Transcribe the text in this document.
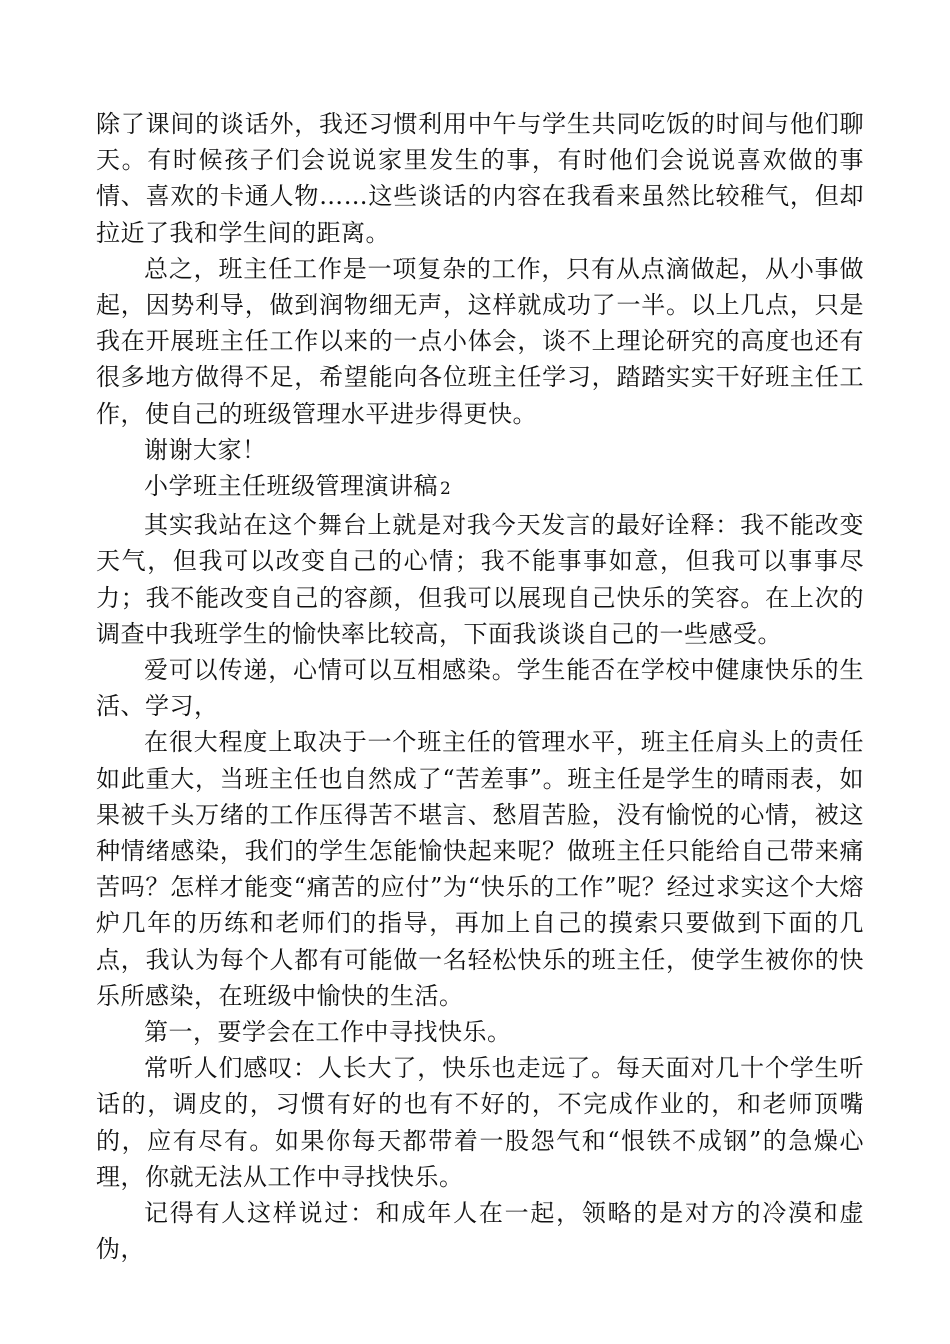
除了课间的谈话外，我还习惯利用中午与学生共同吃饭的时间与他们聊天。有时候孩子们会说说家里发生的事，有时他们会说说喜欢做的事情、喜欢的卡通人物……这些谈话的内容在我看来虽然比较稚气，但却拉近了我和学生间的距离。

总之，班主任工作是一项复杂的工作，只有从点滴做起，从小事做起，因势利导，做到润物细无声，这样就成功了一半。以上几点，只是我在开展班主任工作以来的一点小体会，谈不上理论研究的高度也还有很多地方做得不足，希望能向各位班主任学习，踏踏实实干好班主任工作，使自己的班级管理水平进步得更快。

谢谢大家！

小学班主任班级管理演讲稿 2

其实我站在这个舞台上就是对我今天发言的最好诠释：我不能改变天气，但我可以改变自己的心情；我不能事事如意，但我可以事事尽力；我不能改变自己的容颜，但我可以展现自己快乐的笑容。在上次的调查中我班学生的愉快率比较高，下面我谈谈自己的一些感受。

爱可以传递，心情可以互相感染。学生能否在学校中健康快乐的生活、学习，

在很大程度上取决于一个班主任的管理水平，班主任肩头上的责任如此重大，当班主任也自然成了“苦差事”。班主任是学生的晴雨表，如果被千头万绪的工作压得苦不堪言、愁眉苦脸，没有愉悦的心情，被这种情绪感染，我们的学生怎能愉快起来呢？做班主任只能给自己带来痛苦吗？怎样才能变“痛苦的应付”为“快乐的工作”呢？经过求实这个大熔炉几年的历练和老师们的指导，再加上自己的摸索只要做到下面的几点，我认为每个人都有可能做一名轻松快乐的班主任，使学生被你的快乐所感染，在班级中愉快的生活。

第一，要学会在工作中寻找快乐。

常听人们感叹：人长大了，快乐也走远了。每天面对几十个学生听话的，调皮的，习惯有好的也有不好的，不完成作业的，和老师顶嘴的，应有尽有。如果你每天都带着一股怨气和“恨铁不成钢”的急燥心理，你就无法从工作中寻找快乐。

记得有人这样说过：和成年人在一起，领略的是对方的冷漠和虚伪，
